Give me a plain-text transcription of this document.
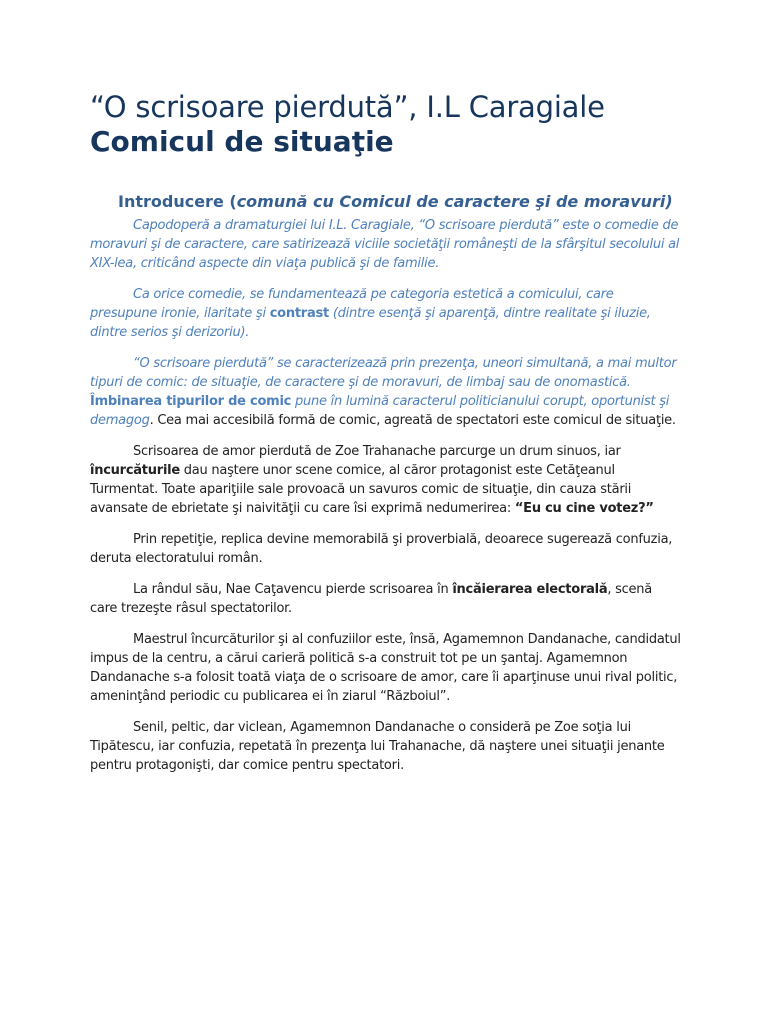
“O scrisoare pierdută”, I.L Caragiale
Comicul de situaţie
Introducere (comună cu Comicul de caractere şi de moravuri)

Capodoperă a dramaturgiei lui I.L. Caragiale, “O scrisoare pierdută” este o comedie de moravuri şi de caractere, care satirizează viciile societăţii româneşti de la sfârşitul secolului al XIX-lea, criticând aspecte din viaţa publică şi de familie.

Ca orice comedie, se fundamentează pe categoria estetică a comicului, care presupune ironie, ilaritate şi contrast (dintre esenţă şi aparenţă, dintre realitate şi iluzie, dintre serios şi derizoriu).

“O scrisoare pierdută” se caracterizează prin prezenţa, uneori simultană, a mai multor tipuri de comic: de situaţie, de caractere şi de moravuri, de limbaj sau de onomastică. Îmbinarea tipurilor de comic pune în lumină caracterul politicianului corupt, oportunist şi demagog. Cea mai accesibilă formă de comic, agreată de spectatori este comicul de situaţie.

Scrisoarea de amor pierdută de Zoe Trahanache parcurge un drum sinuos, iar încurcăturile dau naştere unor scene comice, al căror protagonist este Cetăţeanul Turmentat. Toate apariţiile sale provoacă un savuros comic de situaţie, din cauza stării avansate de ebrietate şi naivităţii cu care îsi exprimă nedumerirea: “Eu cu cine votez?”

Prin repetiţie, replica devine memorabilă şi proverbială, deoarece sugerează confuzia, deruta electoratului român.

La rândul său, Nae Caţavencu pierde scrisoarea în încăierarea electorală, scenă care trezeşte râsul spectatorilor.

Maestrul încurcăturilor şi al confuziilor este, însă, Agamemnon Dandanache, candidatul impus de la centru, a cărui carieră politică s-a construit tot pe un şantaj. Agamemnon Dandanache s-a folosit toată viaţa de o scrisoare de amor, care îi aparţinuse unui rival politic, ameninţând periodic cu publicarea ei în ziarul “Războiul”.

Senil, peltic, dar viclean, Agamemnon Dandanache o consideră pe Zoe soţia lui Tipătescu, iar confuzia, repetată în prezenţa lui Trahanache, dă naştere unei situaţii jenante pentru protagonişti, dar comice pentru spectatori.
